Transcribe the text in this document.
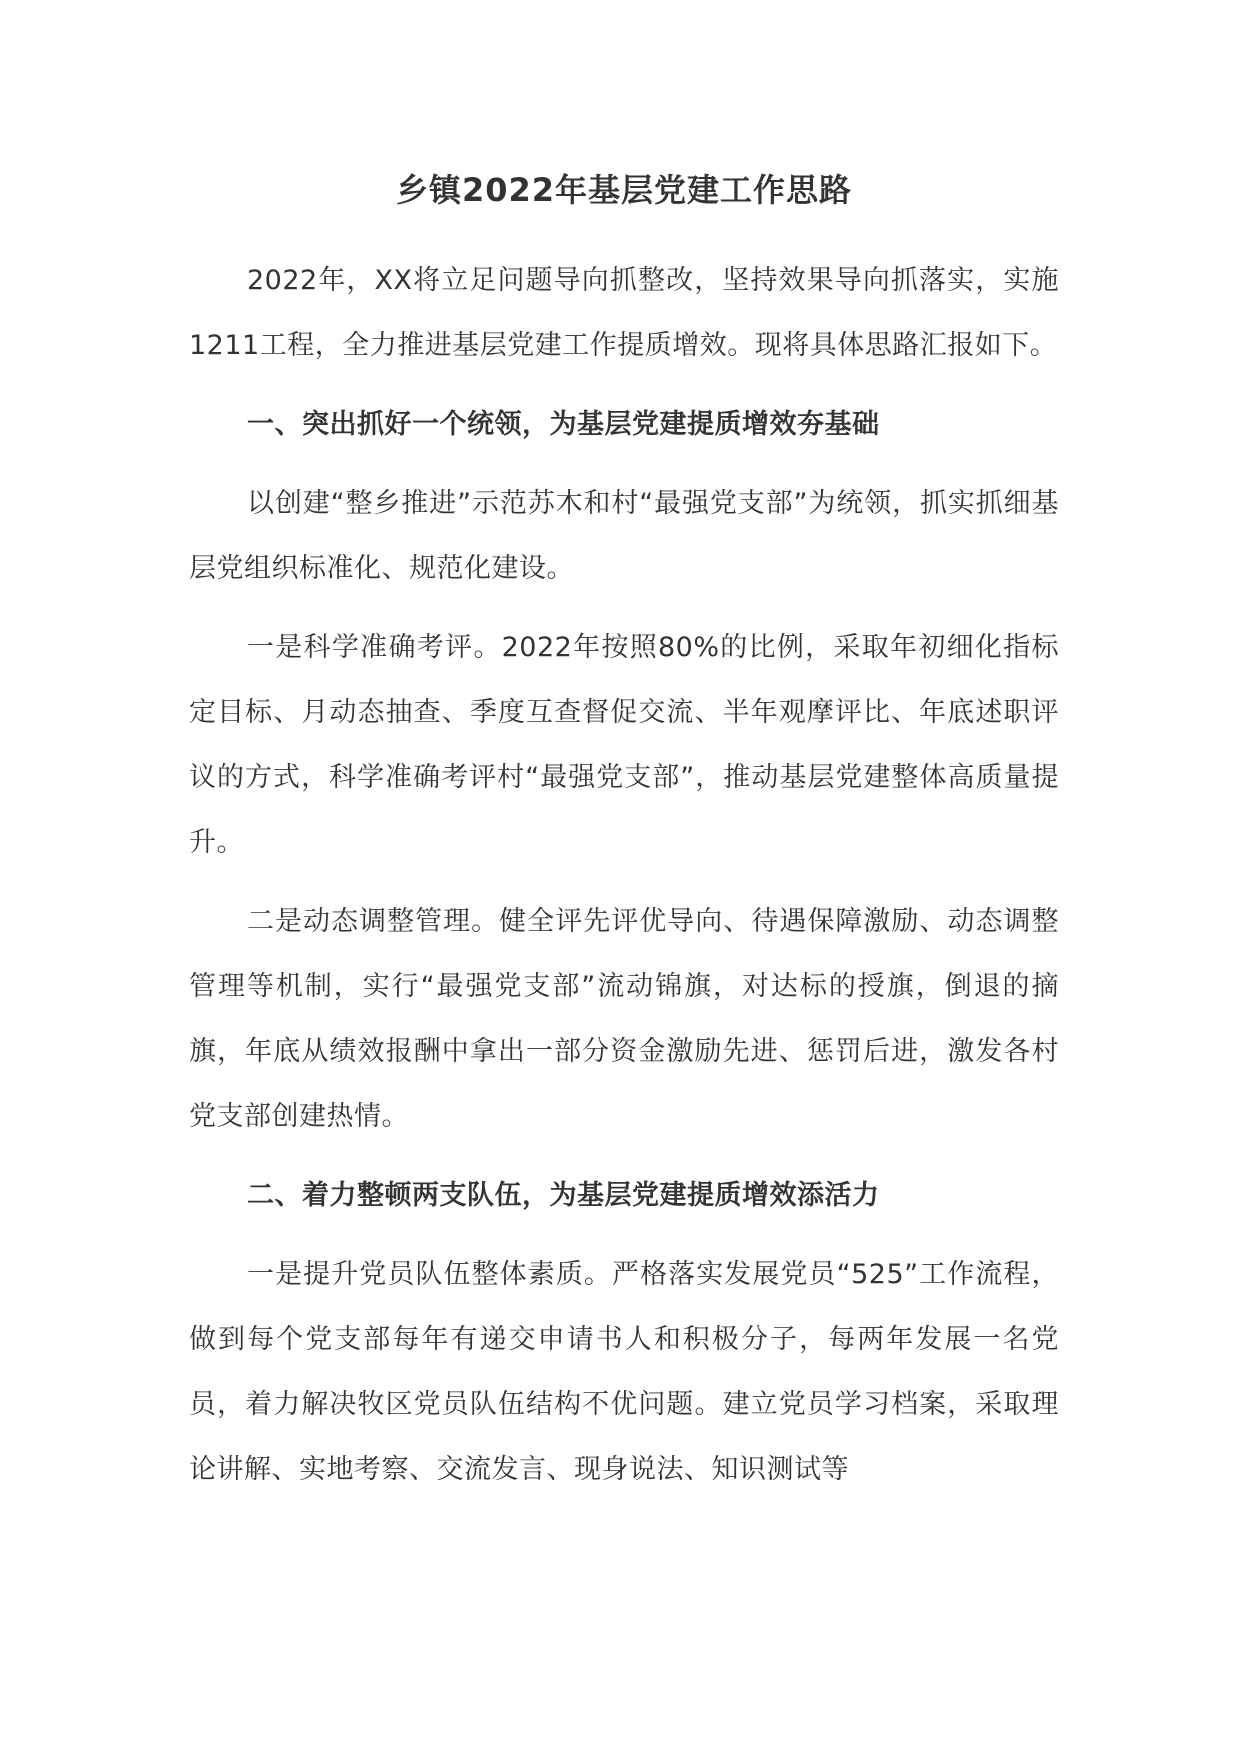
乡镇2022年基层党建工作思路

2022年，XX将立足问题导向抓整改，坚持效果导向抓落实，实施1211工程，全力推进基层党建工作提质增效。现将具体思路汇报如下。

一、突出抓好一个统领，为基层党建提质增效夯基础

以创建“整乡推进”示范苏木和村“最强党支部”为统领，抓实抓细基层党组织标准化、规范化建设。

一是科学准确考评。2022年按照80%的比例，采取年初细化指标定目标、月动态抽查、季度互查督促交流、半年观摩评比、年底述职评议的方式，科学准确考评村“最强党支部”，推动基层党建整体高质量提升。

二是动态调整管理。健全评先评优导向、待遇保障激励、动态调整管理等机制，实行“最强党支部”流动锦旗，对达标的授旗，倒退的摘旗，年底从绩效报酬中拿出一部分资金激励先进、惩罚后进，激发各村党支部创建热情。

二、着力整顿两支队伍，为基层党建提质增效添活力

一是提升党员队伍整体素质。严格落实发展党员“525”工作流程，做到每个党支部每年有递交申请书人和积极分子，每两年发展一名党员，着力解决牧区党员队伍结构不优问题。建立党员学习档案，采取理论讲解、实地考察、交流发言、现身说法、知识测试等
